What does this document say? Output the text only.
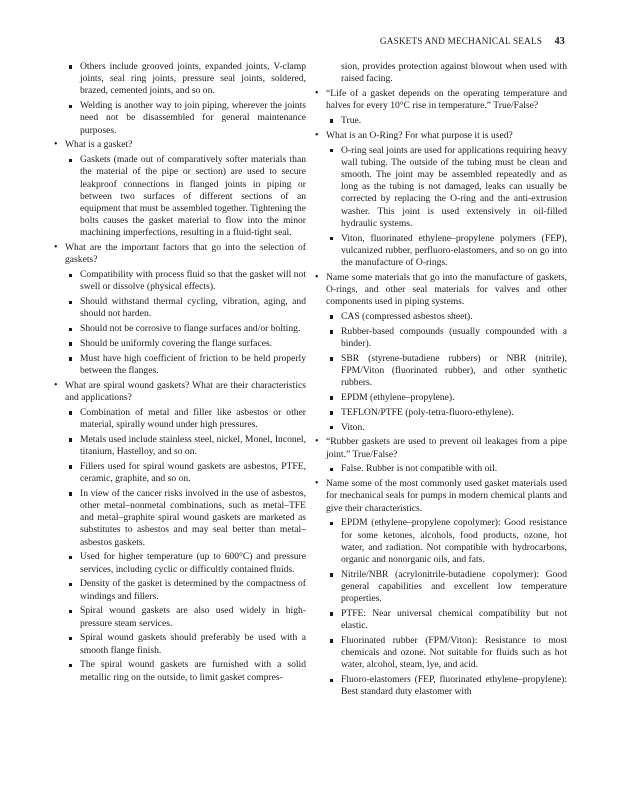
GASKETS AND MECHANICAL SEALS 43
Others include grooved joints, expanded joints, V-clamp joints, seal ring joints, pressure seal joints, soldered, brazed, cemented joints, and so on.
Welding is another way to join piping, wherever the joints need not be disassembled for general maintenance purposes.
• What is a gasket?
Gaskets (made out of comparatively softer materials than the material of the pipe or section) are used to secure leakproof connections in flanged joints in piping or between two surfaces of different sections of an equipment that must be assembled together. Tightening the bolts causes the gasket material to flow into the minor machining imperfections, resulting in a fluid-tight seal.
• What are the important factors that go into the selection of gaskets?
Compatibility with process fluid so that the gasket will not swell or dissolve (physical effects).
Should withstand thermal cycling, vibration, aging, and should not harden.
Should not be corrosive to flange surfaces and/or bolting.
Should be uniformly covering the flange surfaces.
Must have high coefficient of friction to be held properly between the flanges.
• What are spiral wound gaskets? What are their characteristics and applications?
Combination of metal and filler like asbestos or other material, spirally wound under high pressures.
Metals used include stainless steel, nickel, Monel, Inconel, titanium, Hastelloy, and so on.
Fillers used for spiral wound gaskets are asbestos, PTFE, ceramic, graphite, and so on.
In view of the cancer risks involved in the use of asbestos, other metal–nonmetal combinations, such as metal–TFE and metal–graphite spiral wound gaskets are marketed as substitutes to asbestos and may seal better than metal–asbestos gaskets.
Used for higher temperature (up to 600°C) and pressure services, including cyclic or difficultly contained fluids.
Density of the gasket is determined by the compactness of windings and fillers.
Spiral wound gaskets are also used widely in high-pressure steam services.
Spiral wound gaskets should preferably be used with a smooth flange finish.
The spiral wound gaskets are furnished with a solid metallic ring on the outside, to limit gasket compres-
sion, provides protection against blowout when used with raised facing.
• “Life of a gasket depends on the operating temperature and halves for every 10°C rise in temperature.” True/False?
True.
• What is an O-Ring? For what purpose it is used?
O-ring seal joints are used for applications requiring heavy wall tubing. The outside of the tubing must be clean and smooth. The joint may be assembled repeatedly and as long as the tubing is not damaged, leaks can usually be corrected by replacing the O-ring and the anti-extrusion washer. This joint is used extensively in oil-filled hydraulic systems.
Viton, fluorinated ethylene–propylene polymers (FEP), vulcanized rubber, perfluoro-elastomers, and so on go into the manufacture of O-rings.
• Name some materials that go into the manufacture of gaskets, O-rings, and other seal materials for valves and other components used in piping systems.
CAS (compressed asbestos sheet).
Rubber-based compounds (usually compounded with a binder).
SBR (styrene-butadiene rubbers) or NBR (nitrile), FPM/Viton (fluorinated rubber), and other synthetic rubbers.
EPDM (ethylene–propylene).
TEFLON/PTFE (poly-tetra-fluoro-ethylene).
Viton.
• “Rubber gaskets are used to prevent oil leakages from a pipe joint.” True/False?
False. Rubber is not compatible with oil.
• Name some of the most commonly used gasket materials used for mechanical seals for pumps in modern chemical plants and give their characteristics.
EPDM (ethylene–propylene copolymer): Good resistance for some ketones, alcohols, food products, ozone, hot water, and radiation. Not compatible with hydrocarbons, organic and nonorganic oils, and fats.
Nitrile/NBR (acrylonitrile-butadiene copolymer): Good general capabilities and excellent low temperature properties.
PTFE: Near universal chemical compatibility but not elastic.
Fluorinated rubber (FPM/Viton): Resistance to most chemicals and ozone. Not suitable for fluids such as hot water, alcohol, steam, lye, and acid.
Fluoro-elastomers (FEP, fluorinated ethylene–propylene): Best standard duty elastomer with
